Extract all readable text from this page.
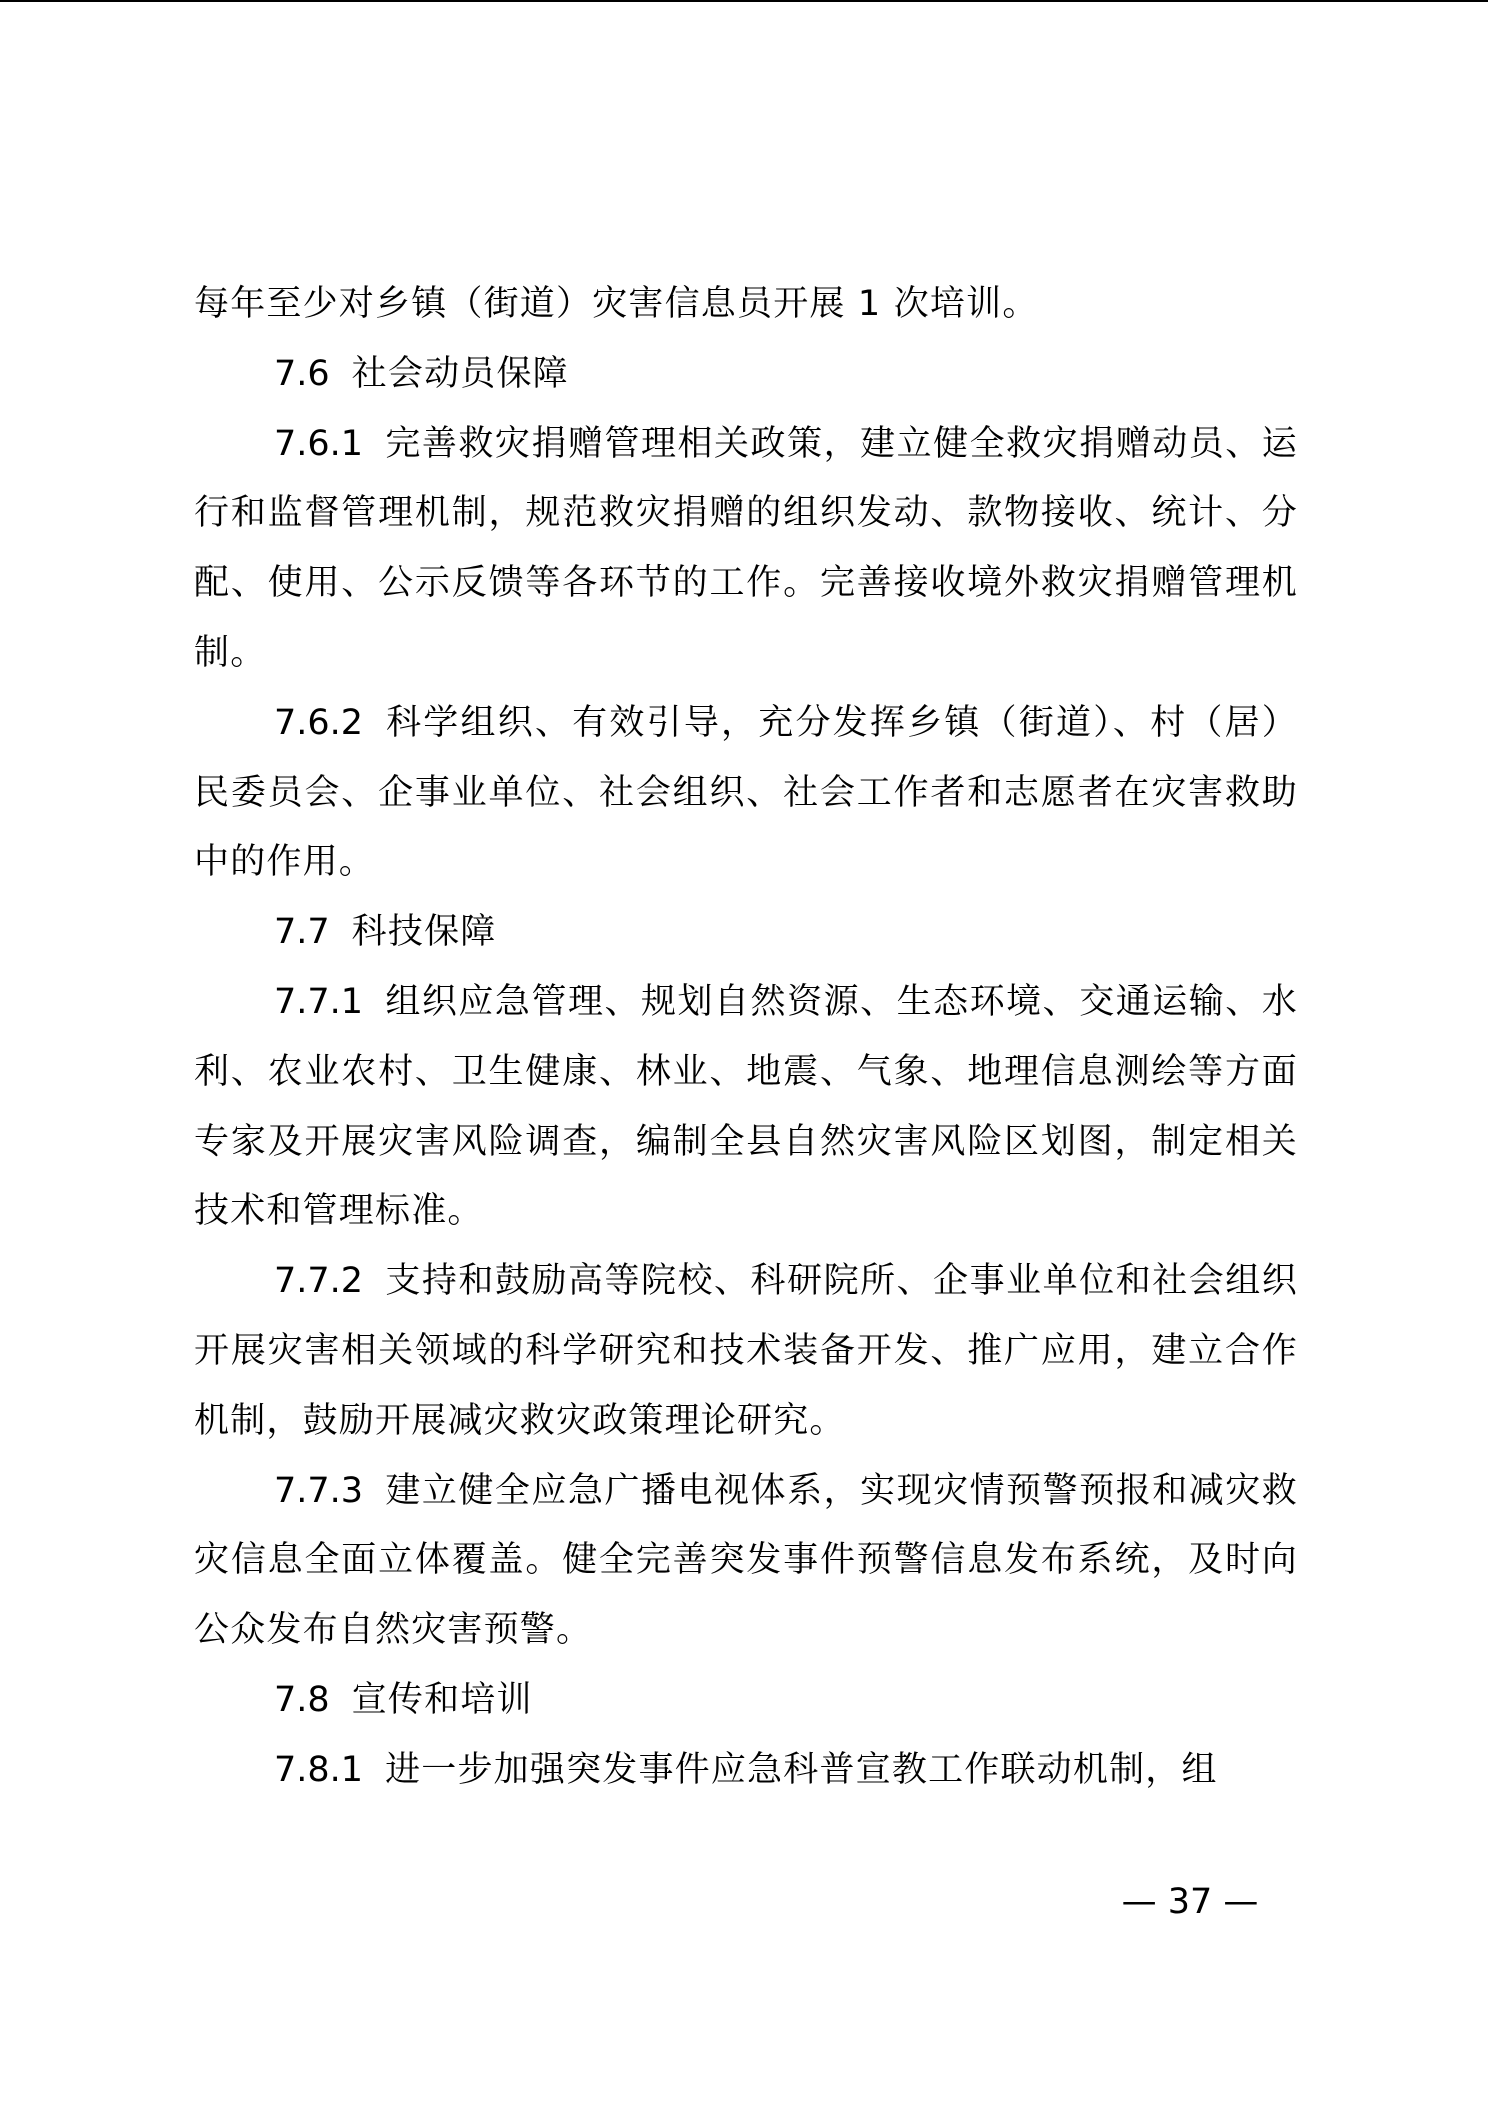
每年至少对乡镇（街道）灾害信息员开展 1 次培训。

7.6 社会动员保障

7.6.1 完善救灾捐赠管理相关政策，建立健全救灾捐赠动员、运行和监督管理机制，规范救灾捐赠的组织发动、款物接收、统计、分配、使用、公示反馈等各环节的工作。完善接收境外救灾捐赠管理机制。

7.6.2 科学组织、有效引导，充分发挥乡镇（街道）、村（居）民委员会、企事业单位、社会组织、社会工作者和志愿者在灾害救助中的作用。

7.7 科技保障

7.7.1 组织应急管理、规划自然资源、生态环境、交通运输、水利、农业农村、卫生健康、林业、地震、气象、地理信息测绘等方面专家及开展灾害风险调查，编制全县自然灾害风险区划图，制定相关技术和管理标准。

7.7.2 支持和鼓励高等院校、科研院所、企事业单位和社会组织开展灾害相关领域的科学研究和技术装备开发、推广应用，建立合作机制，鼓励开展减灾救灾政策理论研究。

7.7.3 建立健全应急广播电视体系，实现灾情预警预报和减灾救灾信息全面立体覆盖。健全完善突发事件预警信息发布系统，及时向公众发布自然灾害预警。

7.8 宣传和培训

7.8.1 进一步加强突发事件应急科普宣教工作联动机制，组

— 37 —
